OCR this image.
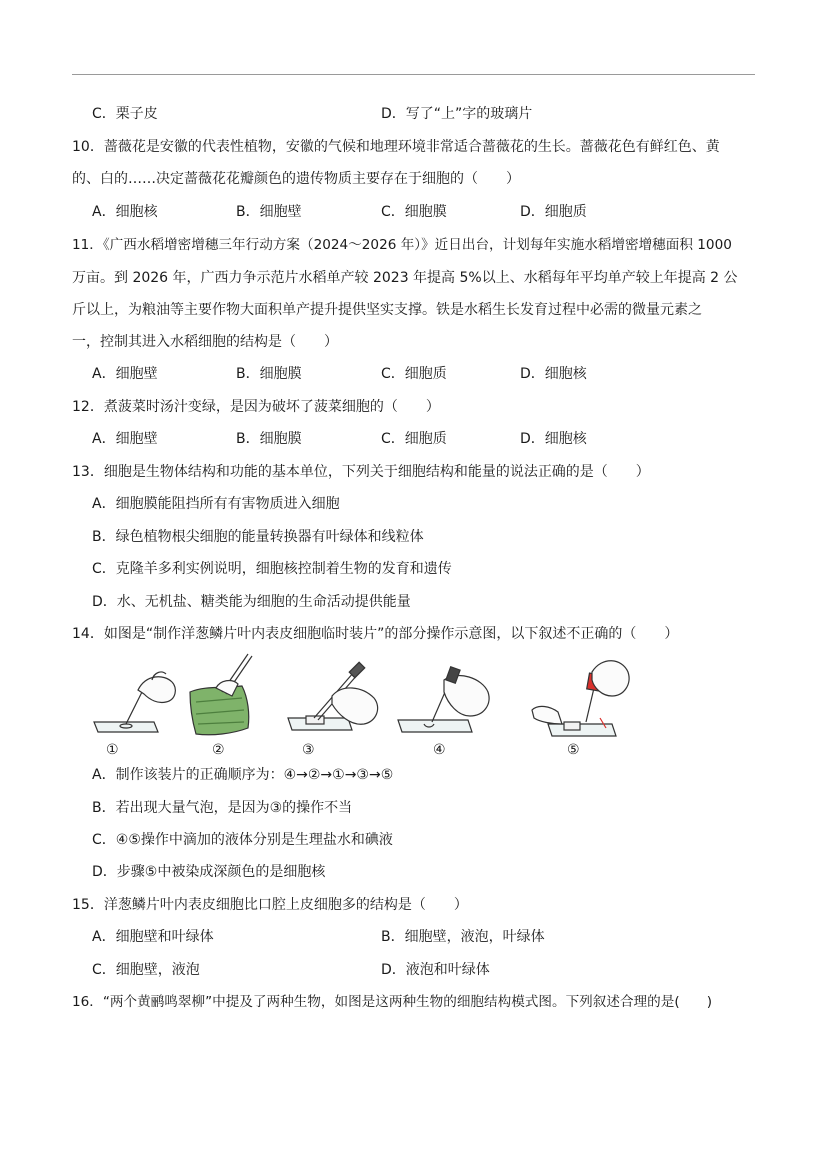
C．栗子皮	D．写了“上”字的玻璃片
10．蔷薇花是安徽的代表性植物，安徽的气候和地理环境非常适合蔷薇花的生长。蔷薇花色有鲜红色、黄
的、白的……决定蔷薇花花瓣颜色的遗传物质主要存在于细胞的（　　）
A．细胞核	B．细胞壁	C．细胞膜	D．细胞质
11．《广西水稻增密增穗三年行动方案（2024～2026 年）》近日出台，计划每年实施水稻增密增穗面积 1000
万亩。到 2026 年，广西力争示范片水稻单产较 2023 年提高 5%以上、水稻每年平均单产较上年提高 2 公
斤以上，为粮油等主要作物大面积单产提升提供坚实支撑。铁是水稻生长发育过程中必需的微量元素之
一，控制其进入水稻细胞的结构是（　　）
A．细胞壁	B．细胞膜	C．细胞质	D．细胞核
12．煮菠菜时汤汁变绿，是因为破坏了菠菜细胞的（　　）
A．细胞壁	B．细胞膜	C．细胞质	D．细胞核
13．细胞是生物体结构和功能的基本单位，下列关于细胞结构和能量的说法正确的是（　　）
A．细胞膜能阻挡所有有害物质进入细胞
B．绿色植物根尖细胞的能量转换器有叶绿体和线粒体
C．克隆羊多利实例说明，细胞核控制着生物的发育和遗传
D．水、无机盐、糖类能为细胞的生命活动提供能量
14．如图是“制作洋葱鳞片叶内表皮细胞临时装片”的部分操作示意图，以下叙述不正确的（　　）
①	②	③	④	⑤
A．制作该装片的正确顺序为：④→②→①→③→⑤
B．若出现大量气泡，是因为③的操作不当
C．④⑤操作中滴加的液体分别是生理盐水和碘液
D．步骤⑤中被染成深颜色的是细胞核
15．洋葱鳞片叶内表皮细胞比口腔上皮细胞多的结构是（　　）
A．细胞壁和叶绿体	B．细胞壁，液泡，叶绿体
C．细胞壁，液泡	D．液泡和叶绿体
16．“两个黄鹂鸣翠柳”中提及了两种生物，如图是这两种生物的细胞结构模式图。下列叙述合理的是(　　)
